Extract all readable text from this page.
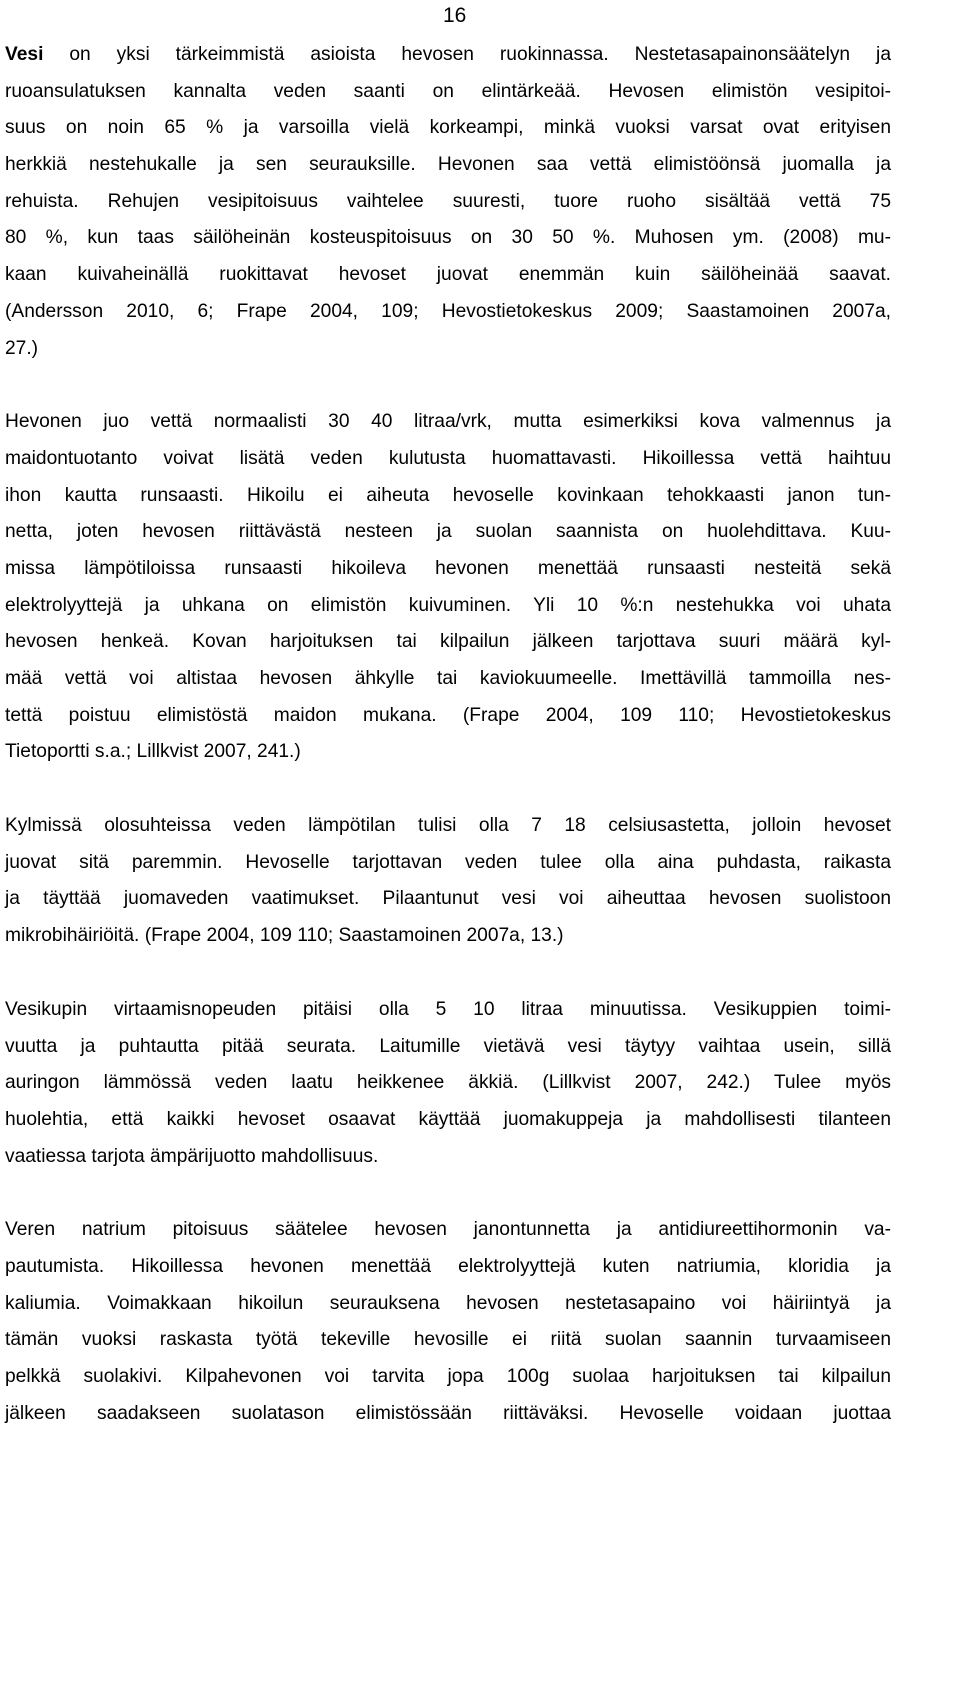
16
Vesi on yksi tärkeimmistä asioista hevosen ruokinnassa. Nestetasapainonsäätelyn ja
ruoansulatuksen kannalta veden saanti on elintärkeää. Hevosen elimistön vesipitoi-
suus on noin 65 % ja varsoilla vielä korkeampi, minkä vuoksi varsat ovat erityisen
herkkiä nestehukalle ja sen seurauksille. Hevonen saa vettä elimistöönsä juomalla ja
rehuista. Rehujen vesipitoisuus vaihtelee suuresti, tuore ruoho sisältää vettä 75
80 %, kun taas säilöheinän kosteuspitoisuus on 30 50 %. Muhosen ym. (2008) mu-
kaan kuivaheinällä ruokittavat hevoset juovat enemmän kuin säilöheinää saavat.
(Andersson 2010, 6; Frape 2004, 109; Hevostietokeskus 2009; Saastamoinen 2007a,
27.)
Hevonen juo vettä normaalisti 30 40 litraa/vrk, mutta esimerkiksi kova valmennus ja
maidontuotanto voivat lisätä veden kulutusta huomattavasti. Hikoillessa vettä haihtuu
ihon kautta runsaasti. Hikoilu ei aiheuta hevoselle kovinkaan tehokkaasti janon tun-
netta, joten hevosen riittävästä nesteen ja suolan saannista on huolehdittava. Kuu-
missa lämpötiloissa runsaasti hikoileva hevonen menettää runsaasti nesteitä sekä
elektrolyyttejä ja uhkana on elimistön kuivuminen. Yli 10 %:n nestehukka voi uhata
hevosen henkeä. Kovan harjoituksen tai kilpailun jälkeen tarjottava suuri määrä kyl-
mää vettä voi altistaa hevosen ähkylle tai kaviokuumeelle. Imettävillä tammoilla nes-
tettä poistuu elimistöstä maidon mukana. (Frape 2004, 109 110; Hevostietokeskus
Tietoportti s.a.; Lillkvist 2007, 241.)
Kylmissä olosuhteissa veden lämpötilan tulisi olla 7 18 celsiusastetta, jolloin hevoset
juovat sitä paremmin. Hevoselle tarjottavan veden tulee olla aina puhdasta, raikasta
ja täyttää juomaveden vaatimukset. Pilaantunut vesi voi aiheuttaa hevosen suolistoon
mikrobihäiriöitä. (Frape 2004, 109 110; Saastamoinen 2007a, 13.)
Vesikupin virtaamisnopeuden pitäisi olla 5 10 litraa minuutissa. Vesikuppien toimi-
vuutta ja puhtautta pitää seurata. Laitumille vietävä vesi täytyy vaihtaa usein, sillä
auringon lämmössä veden laatu heikkenee äkkiä. (Lillkvist 2007, 242.) Tulee myös
huolehtia, että kaikki hevoset osaavat käyttää juomakuppeja ja mahdollisesti tilanteen
vaatiessa tarjota ämpärijuotto mahdollisuus.
Veren natrium pitoisuus säätelee hevosen janontunnetta ja antidiureettihormonin va-
pautumista. Hikoillessa hevonen menettää elektrolyyttejä kuten natriumia, kloridia ja
kaliumia. Voimakkaan hikoilun seurauksena hevosen nestetasapaino voi häiriintyä ja
tämän vuoksi raskasta työtä tekeville hevosille ei riitä suolan saannin turvaamiseen
pelkkä suolakivi. Kilpahevonen voi tarvita jopa 100g suolaa harjoituksen tai kilpailun
jälkeen saadakseen suolatason elimistössään riittäväksi. Hevoselle voidaan juottaa
